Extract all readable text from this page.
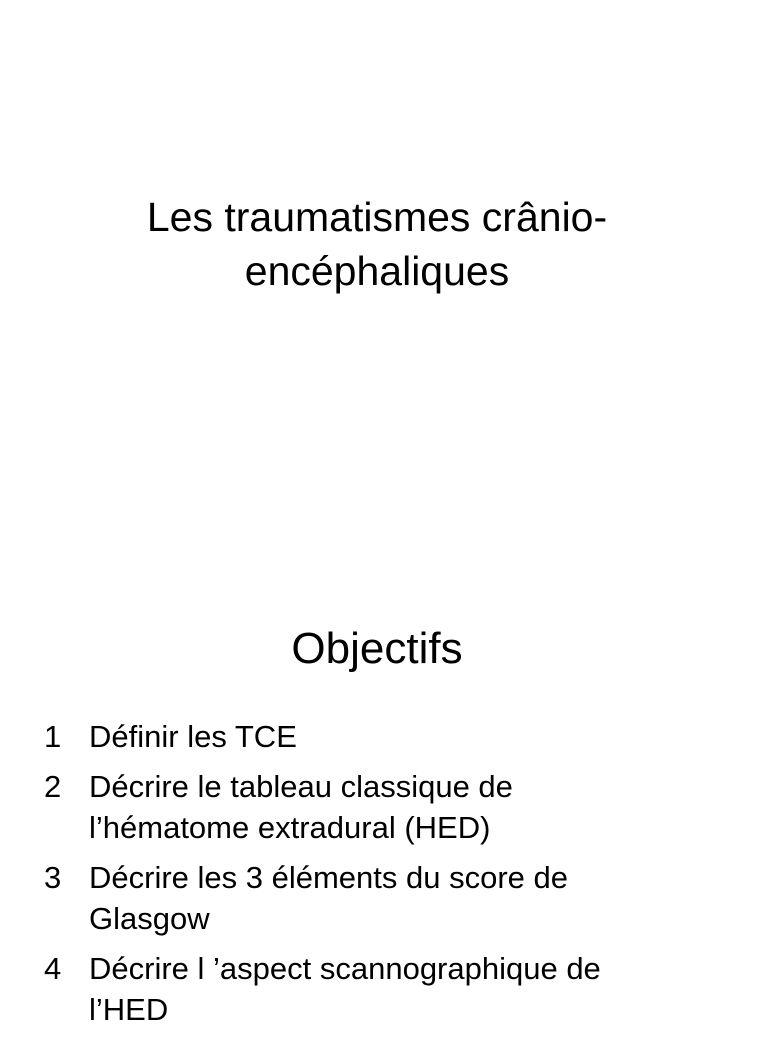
Les traumatismes crânio-
encéphaliques
Objectifs
1 Définir les TCE
2 Décrire le tableau classique de
l’hématome extradural (HED)
3 Décrire les 3 éléments du score de
Glasgow
4 Décrire l ’aspect scannographique de
l’HED
